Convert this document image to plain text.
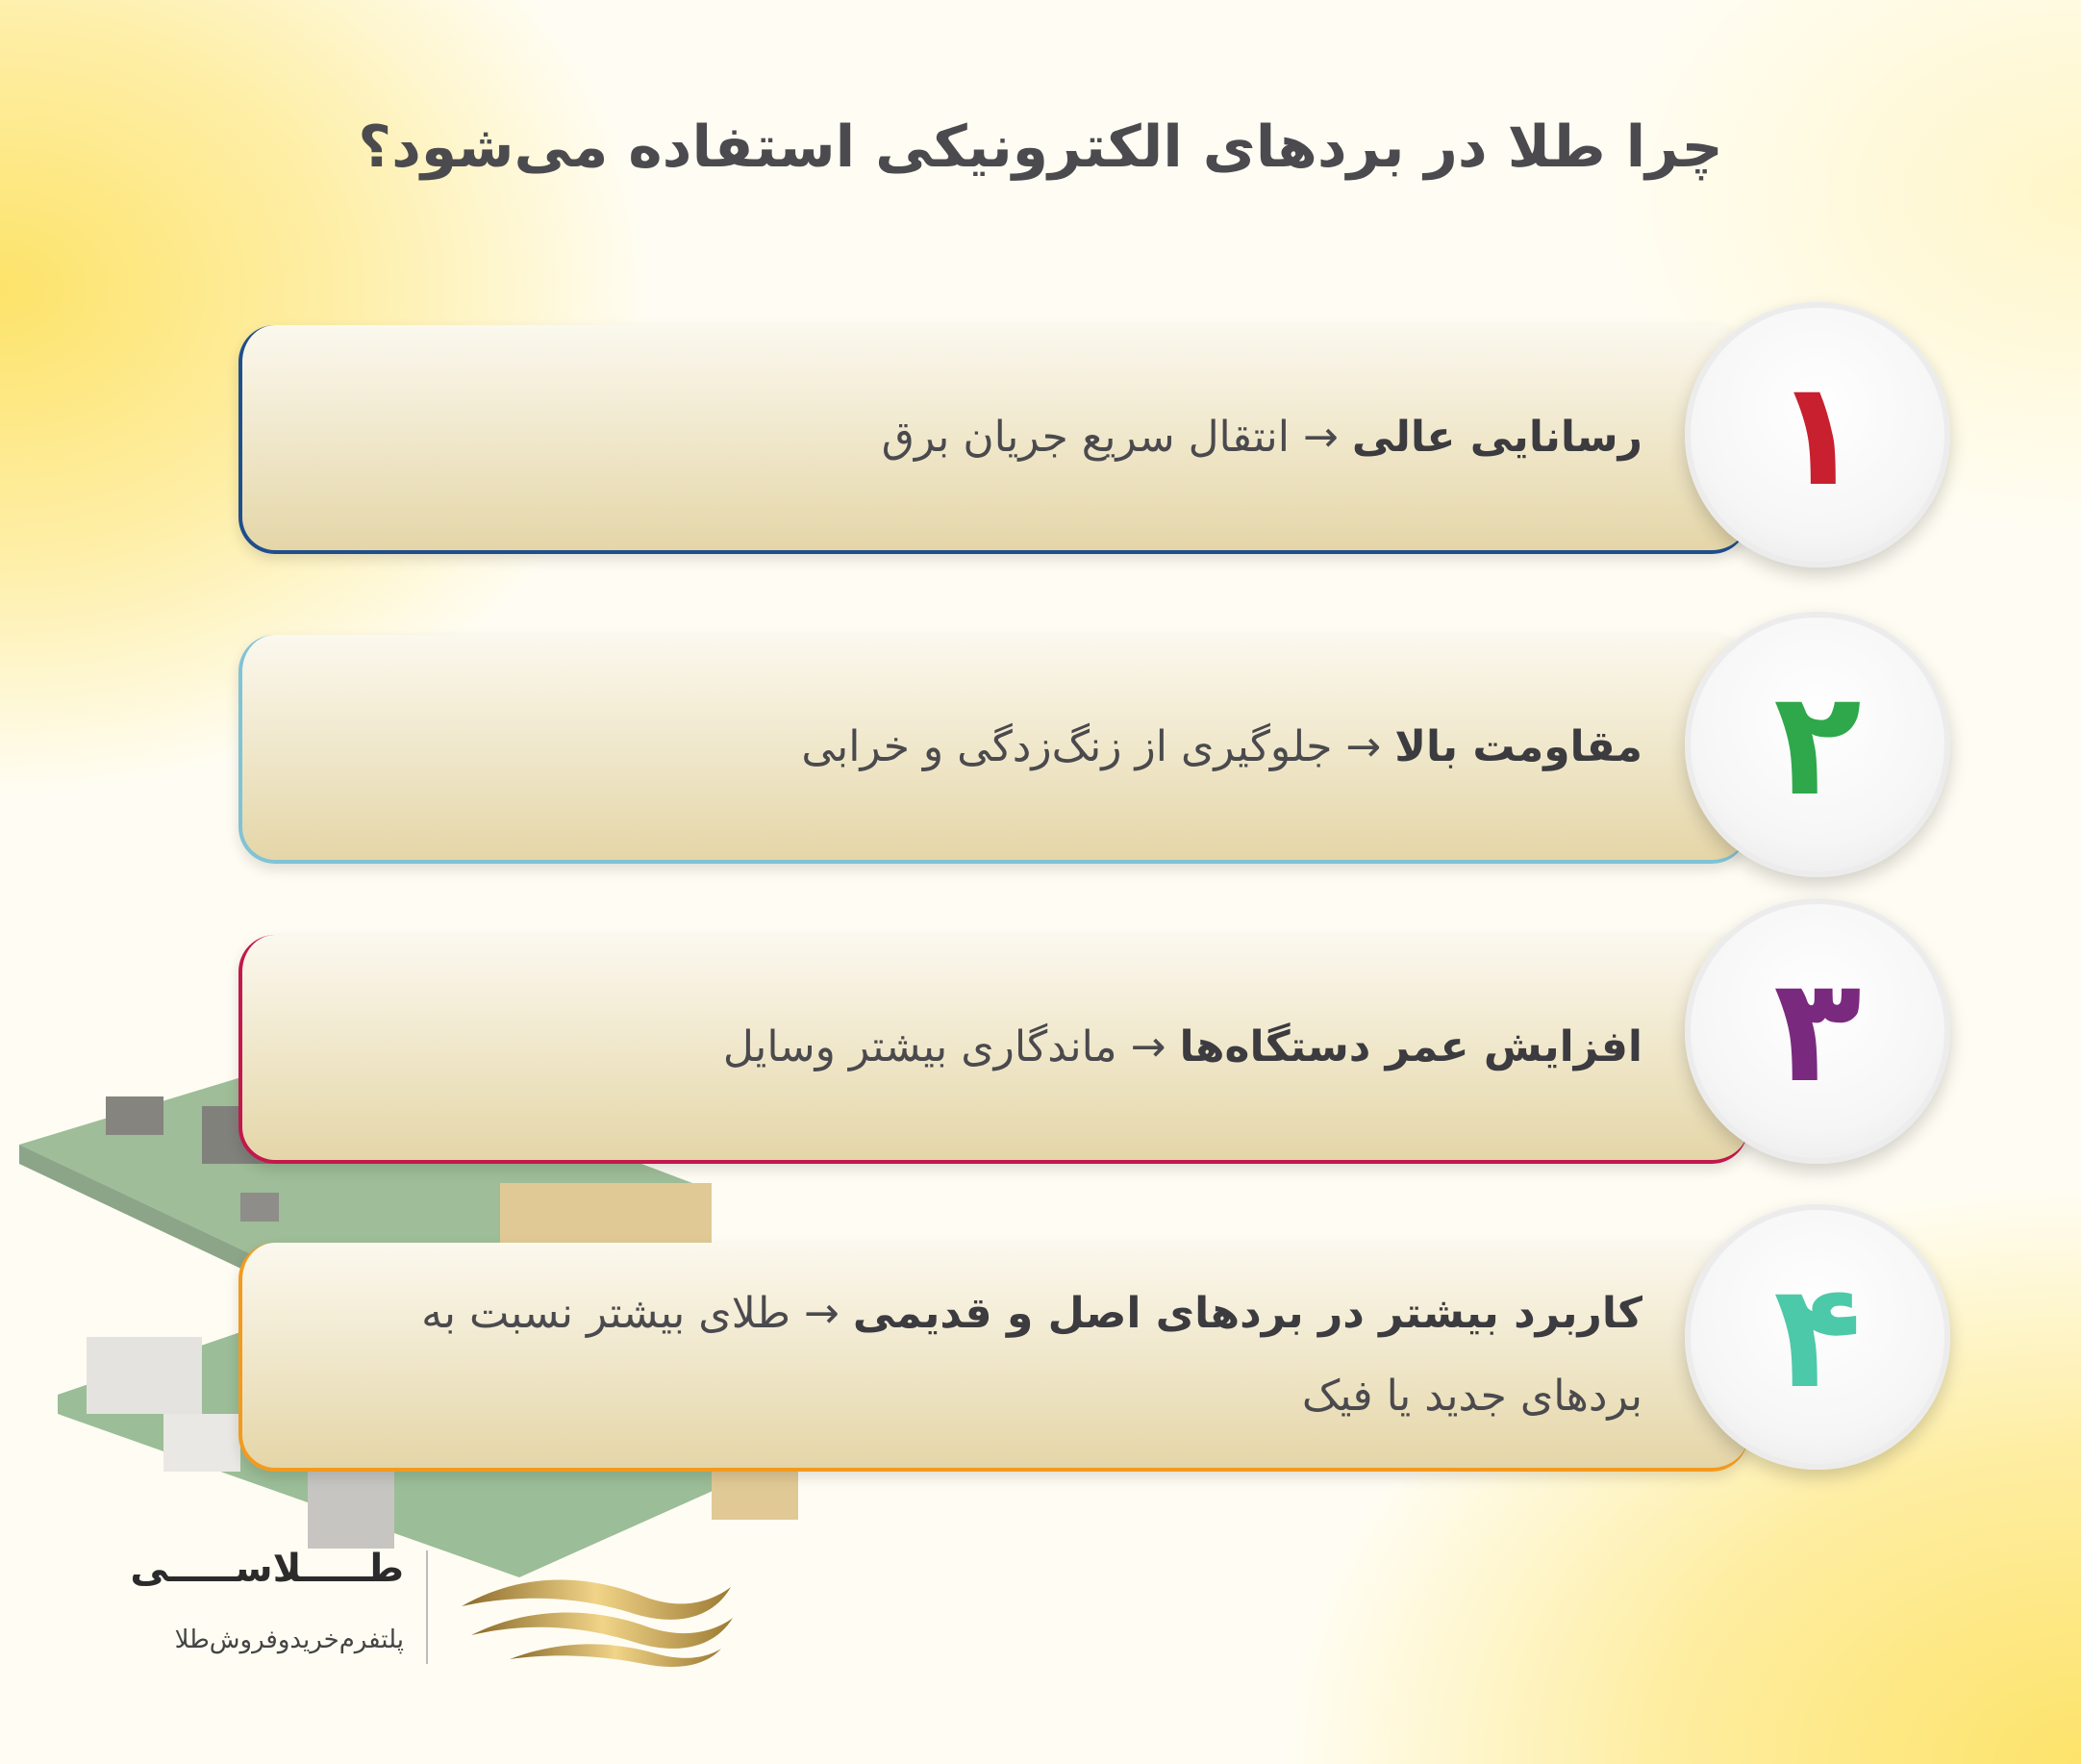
چرا طلا در بردهای الکترونیکی استفاده می‌شود؟
رسانایی عالی → انتقال سریع جریان برق	۱
مقاومت بالا → جلوگیری از زنگ‌زدگی و خرابی	۲
افزایش عمر دستگاه‌ها → ماندگاری بیشتر وسایل	۳
کاربرد بیشتر در بردهای اصل و قدیمی → طلای بیشتر نسبت به بردهای جدید یا فیک ۴
طـــــلاســـــی
پلتفرم‌خرید‌و‌فروش‌طلا
